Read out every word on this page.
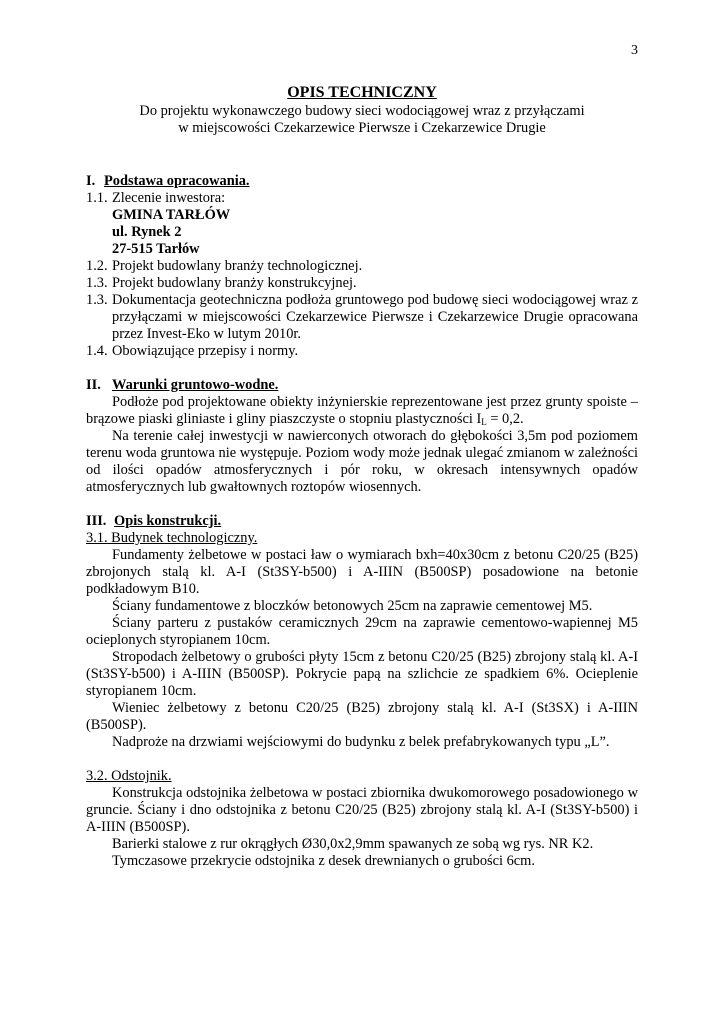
3
OPIS TECHNICZNY
Do projektu wykonawczego budowy sieci wodociągowej wraz z przyłączami
w miejscowości Czekarzewice Pierwsze i Czekarzewice Drugie
I. Podstawa opracowania.
1.1. Zlecenie inwestora:
GMINA TARŁÓW
ul. Rynek 2
27-515 Tarłów
1.2. Projekt budowlany branży technologicznej.
1.3. Projekt budowlany branży konstrukcyjnej.
1.3. Dokumentacja geotechniczna podłoża gruntowego pod budowę sieci wodociągowej wraz z przyłączami w miejscowości Czekarzewice Pierwsze i Czekarzewice Drugie opracowana przez Invest-Eko w lutym 2010r.
1.4. Obowiązujące przepisy i normy.
II. Warunki gruntowo-wodne.

Podłoże pod projektowane obiekty inżynierskie reprezentowane jest przez grunty spoiste – brązowe piaski gliniaste i gliny piaszczyste o stopniu plastyczności $I_L = 0,2$.

Na terenie całej inwestycji w nawierconych otworach do głębokości 3,5m pod poziomem terenu woda gruntowa nie występuje. Poziom wody może jednak ulegać zmianom w zależności od ilości opadów atmosferycznych i pór roku, w okresach intensywnych opadów atmosferycznych lub gwałtownych roztopów wiosennych.

III. Opis konstrukcji.
3.1. Budynek technologiczny.

Fundamenty żelbetowe w postaci ław o wymiarach bxh=40x30cm z betonu C20/25 (B25) zbrojonych stalą kl. A-I (St3SY-b500) i A-IIIN (B500SP) posadowione na betonie podkładowym B10.

Ściany fundamentowe z bloczków betonowych 25cm na zaprawie cementowej M5.

Ściany parteru z pustaków ceramicznych 29cm na zaprawie cementowo-wapiennej M5 ocieplonych styropianem 10cm.

Stropodach żelbetowy o grubości płyty 15cm z betonu C20/25 (B25) zbrojony stalą kl. A-I (St3SY-b500) i A-IIIN (B500SP). Pokrycie papą na szlichcie ze spadkiem 6%. Ocieplenie styropianem 10cm.

Wieniec żelbetowy z betonu C20/25 (B25) zbrojony stalą kl. A-I (St3SX) i A-IIIN (B500SP).

Nadproże na drzwiami wejściowymi do budynku z belek prefabrykowanych typu „L”.

3.2. Odstojnik.

Konstrukcja odstojnika żelbetowa w postaci zbiornika dwukomorowego posadowionego w gruncie. Ściany i dno odstojnika z betonu C20/25 (B25) zbrojony stalą kl. A-I (St3SY-b500) i A-IIIN (B500SP).

Barierki stalowe z rur okrągłych Ø30,0x2,9mm spawanych ze sobą wg rys. NR K2.

Tymczasowe przekrycie odstojnika z desek drewnianych o grubości 6cm.
